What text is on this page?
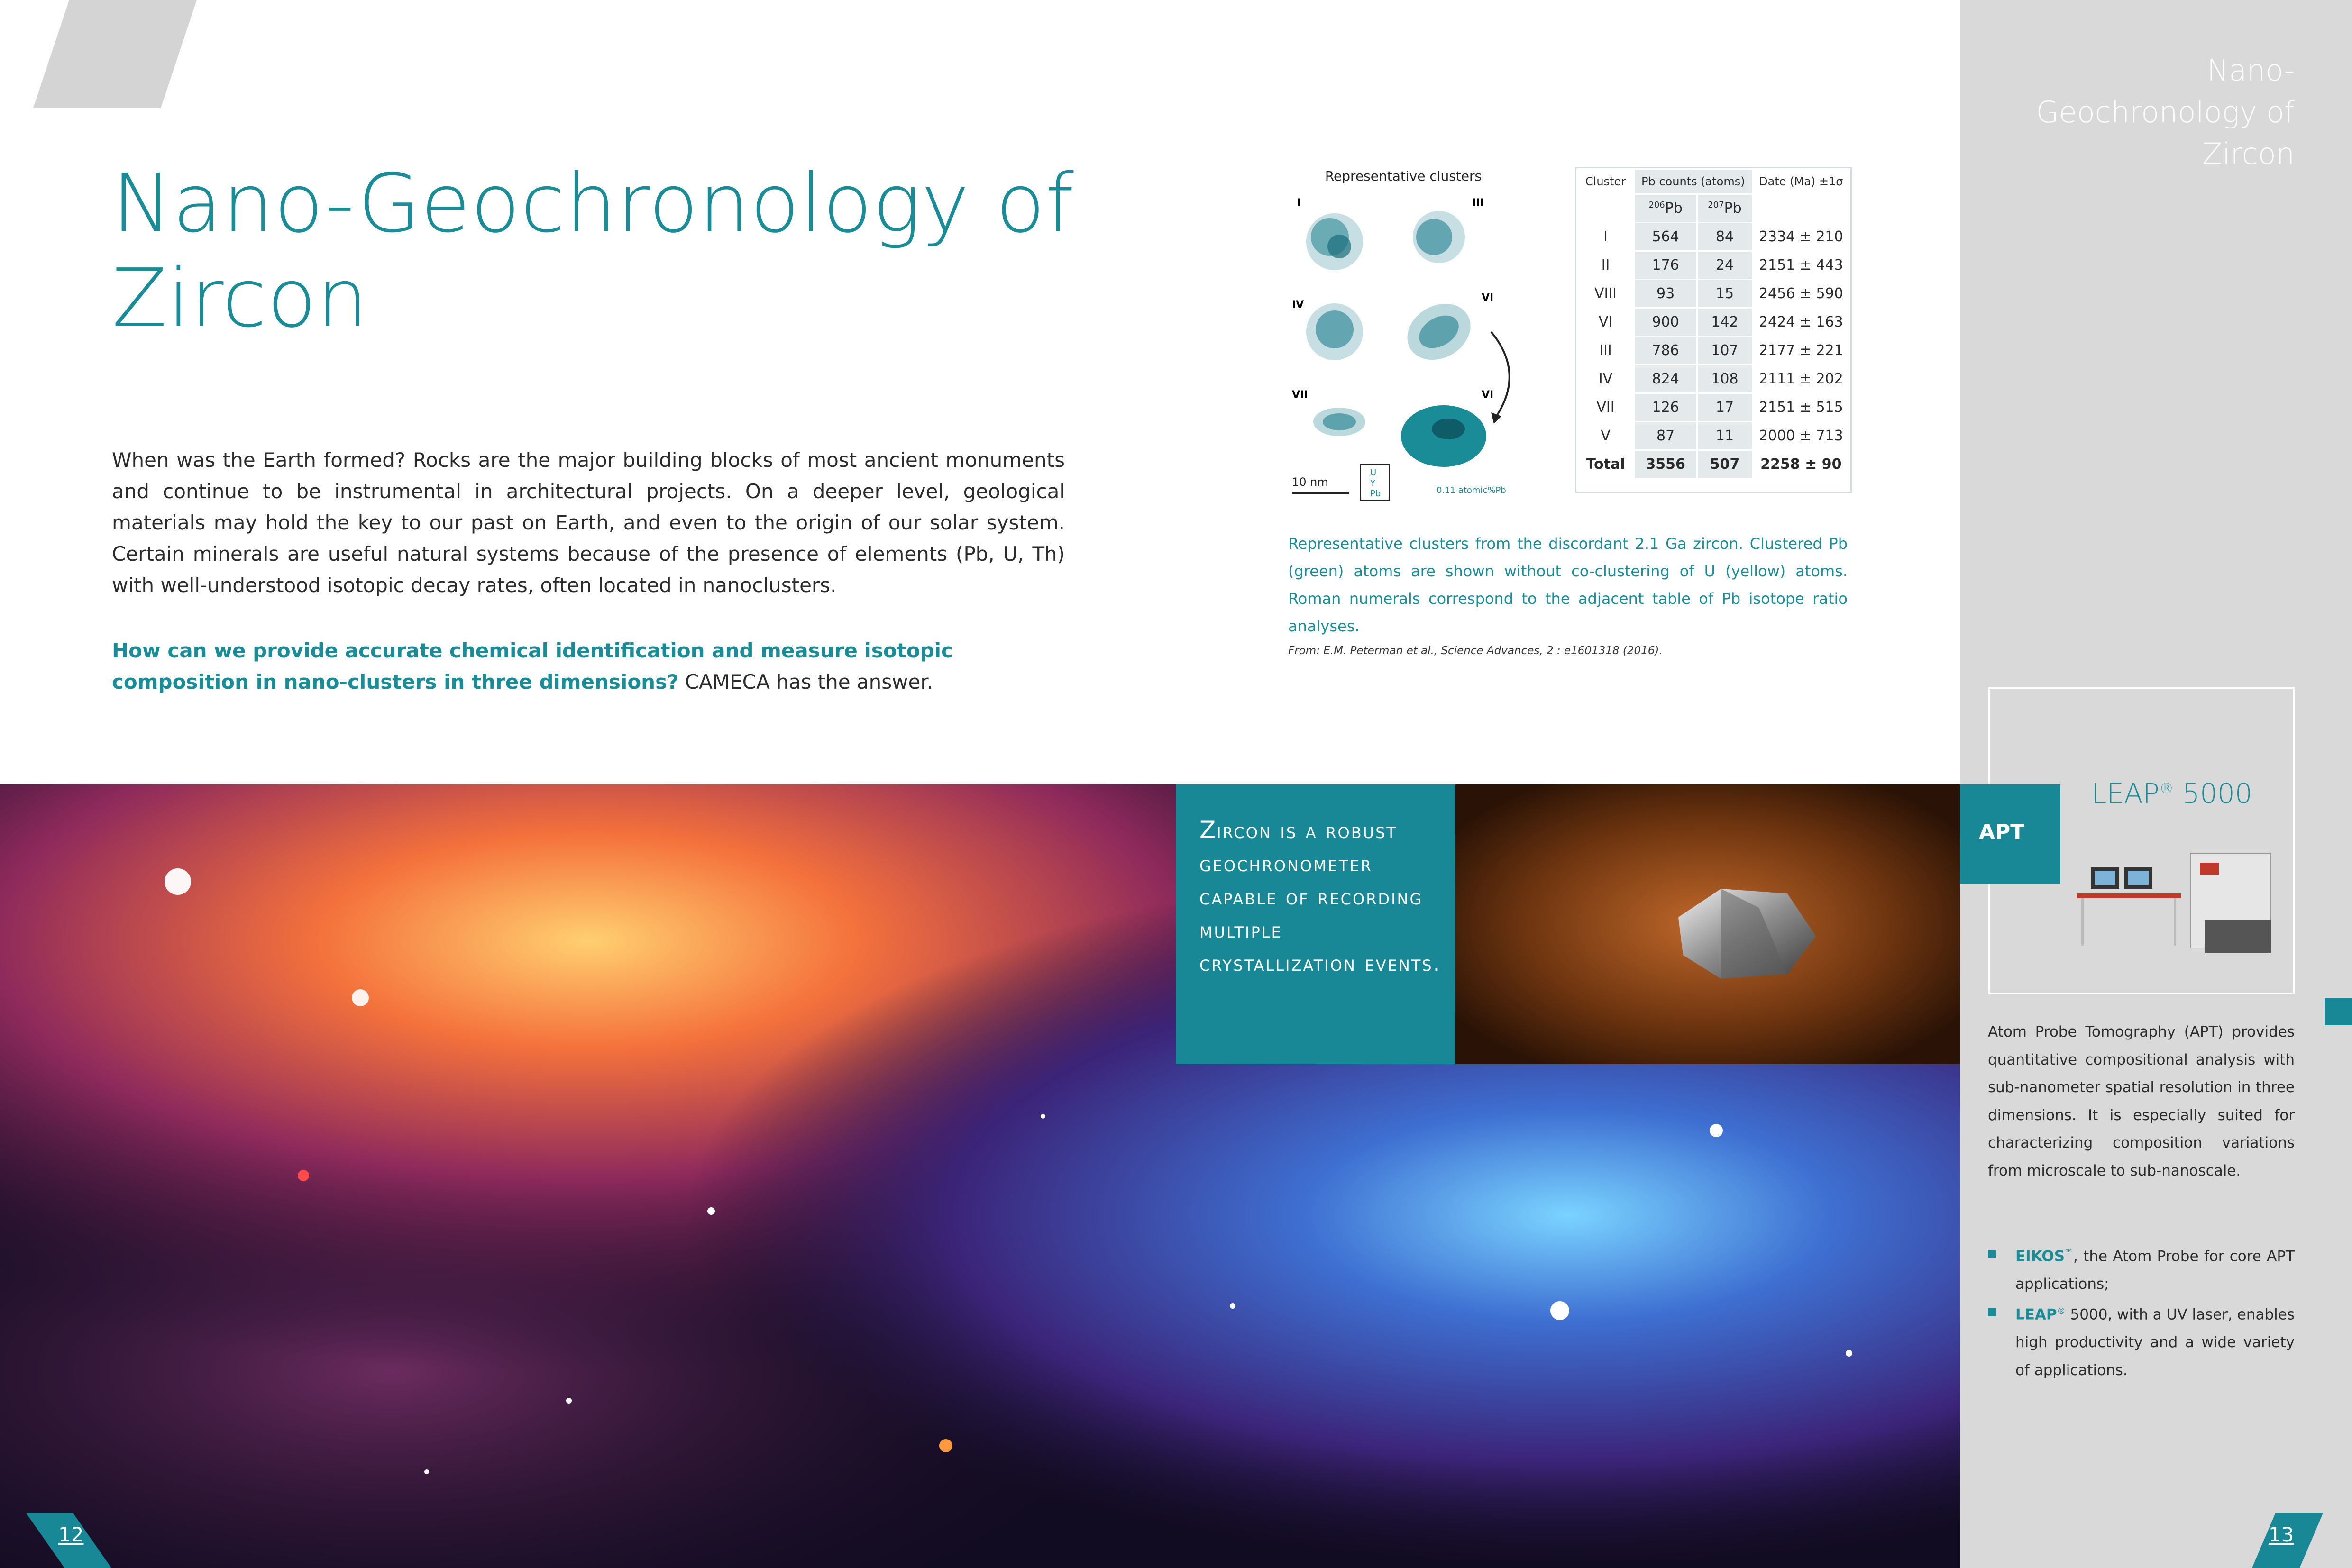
Nano-
Geochronology of
Zircon
Nano-Geochronology of
Zircon

When was the Earth formed? Rocks are the major building blocks of most ancient monuments and continue to be instrumental in architectural projects. On a deeper level, geological materials may hold the key to our past on Earth, and even to the origin of our solar system. Certain minerals are useful natural systems because of the presence of elements (Pb, U, Th) with well-understood isotopic decay rates, often located in nanoclusters.

How can we provide accurate chemical identification and measure isotopic composition in nano-clusters in three dimensions? CAMECA has the answer.

Representative clusters
10 nm
U
Y
Pb	0.11 atomic%Pb
I	III
IV
VI
VII	VI
Cluster	Pb counts (atoms)		Date (Ma) ±1σ
	$^{206}$Pb	$^{207}$Pb	
I	564	84	2334 ± 210
II	176	24	2151 ± 443
VIII	93	15	2456 ± 590
VI	900	142	2424 ± 163
III	786	107	2177 ± 221
IV	824	108	2111 ± 202
VII	126	17	2151 ± 515
V	87	11	2000 ± 713
Total	3556	507	2258 ± 90

Representative clusters from the discordant 2.1 Ga zircon. Clustered Pb (green) atoms are shown without co-clustering of U (yellow) atoms. Roman numerals correspond to the adjacent table of Pb isotope ratio analyses.

From: E.M. Peterman et al., Science Advances, 2 : e1601318 (2016).

Zircon is a robust geochronometer capable of recording multiple crystallization events.

APT
LEAP® 5000

Atom Probe Tomography (APT) provides quantitative compositional analysis with sub-nanometer spatial resolution in three dimensions. It is especially suited for characterizing composition variations from microscale to sub-nanoscale.

EIKOS™, the Atom Probe for core APT applications;
LEAP® 5000, with a UV laser, enables high productivity and a wide variety of applications.
12	13
